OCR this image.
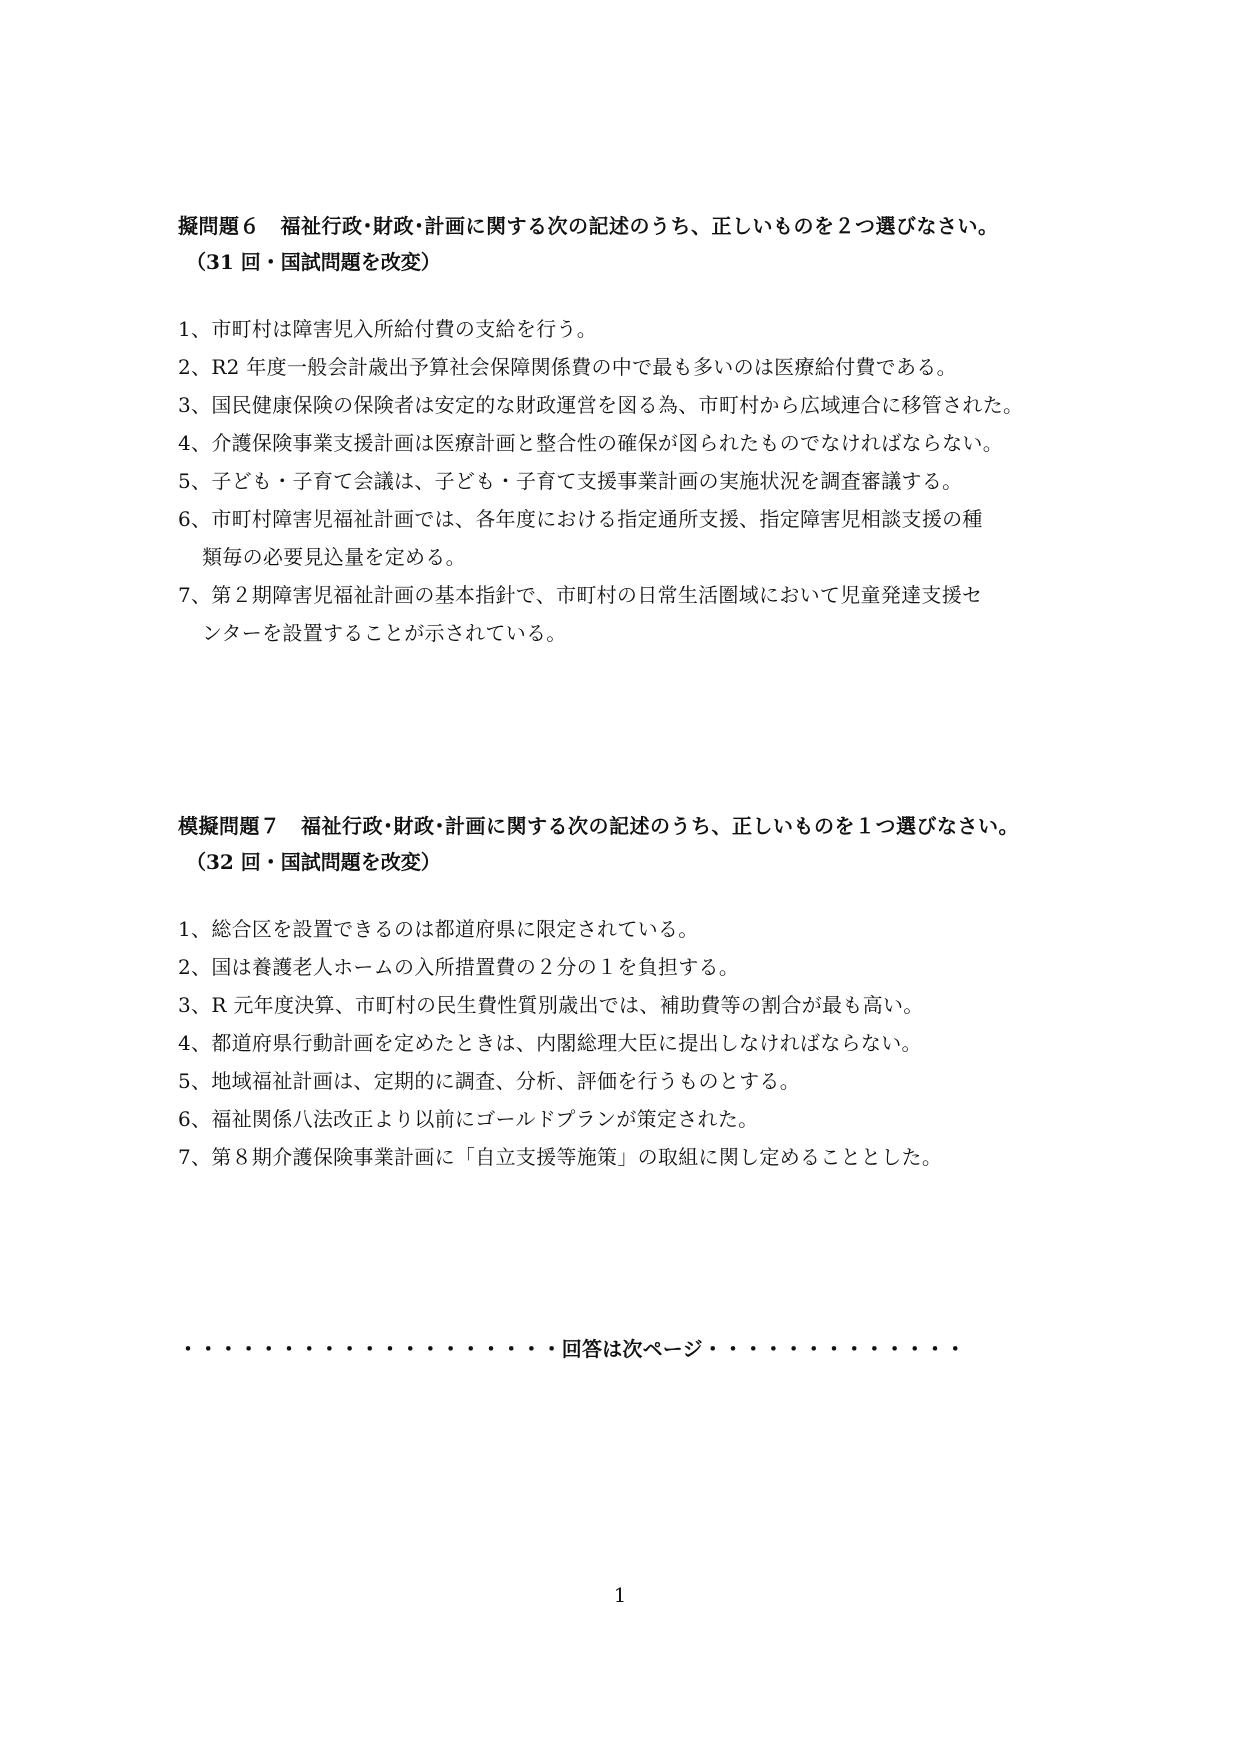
擬問題６　福祉行政･財政･計画に関する次の記述のうち、正しいものを２つ選びなさい。
（31 回・国試問題を改変）
1、市町村は障害児入所給付費の支給を行う。
2、R2 年度一般会計歳出予算社会保障関係費の中で最も多いのは医療給付費である。
3、国民健康保険の保険者は安定的な財政運営を図る為、市町村から広域連合に移管された。
4、介護保険事業支援計画は医療計画と整合性の確保が図られたものでなければならない。
5、子ども・子育て会議は、子ども・子育て支援事業計画の実施状況を調査審議する。
6、市町村障害児福祉計画では、各年度における指定通所支援、指定障害児相談支援の種
類毎の必要見込量を定める。
7、第２期障害児福祉計画の基本指針で、市町村の日常生活圏域において児童発達支援セ
ンターを設置することが示されている。
模擬問題７　福祉行政･財政･計画に関する次の記述のうち、正しいものを１つ選びなさい。
（32 回・国試問題を改変）
1、総合区を設置できるのは都道府県に限定されている。
2、国は養護老人ホームの入所措置費の２分の１を負担する。
3、R 元年度決算、市町村の民生費性質別歳出では、補助費等の割合が最も高い。
4、都道府県行動計画を定めたときは、内閣総理大臣に提出しなければならない。
5、地域福祉計画は、定期的に調査、分析、評価を行うものとする。
6、福祉関係八法改正より以前にゴールドプランが策定された。
7、第８期介護保険事業計画に「自立支援等施策」の取組に関し定めることとした。
・・・・・・・・・・・・・・・・・・・回答は次ページ・・・・・・・・・・・・・
1
